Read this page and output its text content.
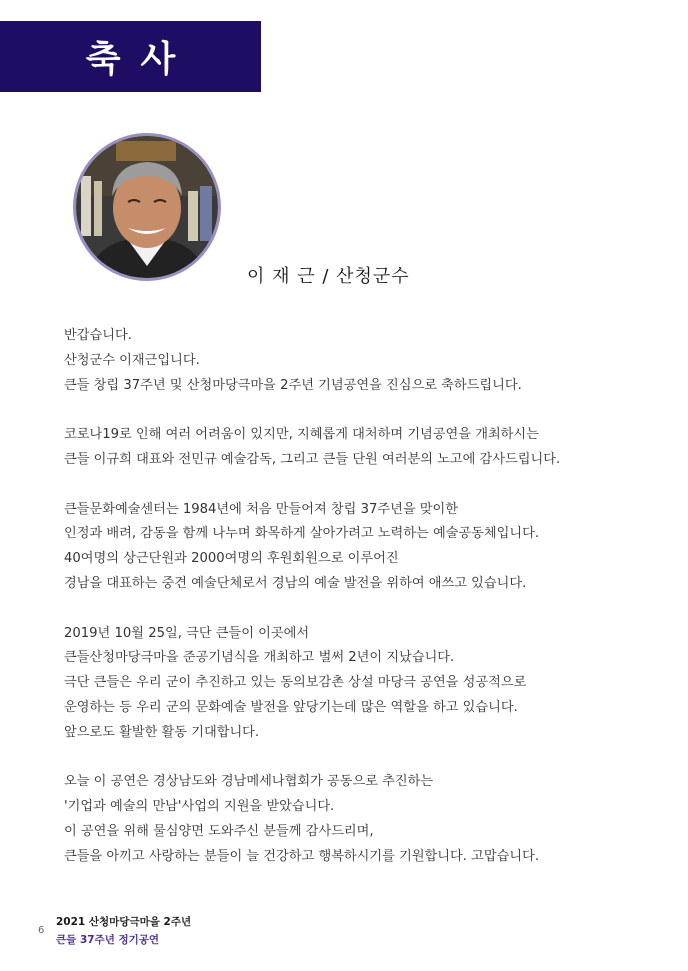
축사
이 재 근 / 산청군수
반갑습니다.
산청군수 이재근입니다.
큰들 창립 37주년 및 산청마당극마을 2주년 기념공연을 진심으로 축하드립니다.
코로나19로 인해 여러 어려움이 있지만, 지혜롭게 대처하며 기념공연을 개최하시는
큰들 이규희 대표와 전민규 예술감독, 그리고 큰들 단원 여러분의 노고에 감사드립니다.
큰들문화예술센터는 1984년에 처음 만들어져 창립 37주년을 맞이한
인정과 배려, 감동을 함께 나누며 화목하게 살아가려고 노력하는 예술공동체입니다.
40여명의 상근단원과 2000여명의 후원회원으로 이루어진
경남을 대표하는 중견 예술단체로서 경남의 예술 발전을 위하여 애쓰고 있습니다.
2019년 10월 25일, 극단 큰들이 이곳에서
큰들산청마당극마을 준공기념식을 개최하고 벌써 2년이 지났습니다.
극단 큰들은 우리 군이 추진하고 있는 동의보감촌 상설 마당극 공연을 성공적으로
운영하는 등 우리 군의 문화예술 발전을 앞당기는데 많은 역할을 하고 있습니다.
앞으로도 활발한 활동 기대합니다.
오늘 이 공연은 경상남도와 경남메세나협회가 공동으로 추진하는
'기업과 예술의 만남'사업의 지원을 받았습니다.
이 공연을 위해 물심양면 도와주신 분들께 감사드리며,
큰들을 아끼고 사랑하는 분들이 늘 건강하고 행복하시기를 기원합니다. 고맙습니다.
6
2021 산청마당극마을 2주년
큰들 37주년 정기공연
